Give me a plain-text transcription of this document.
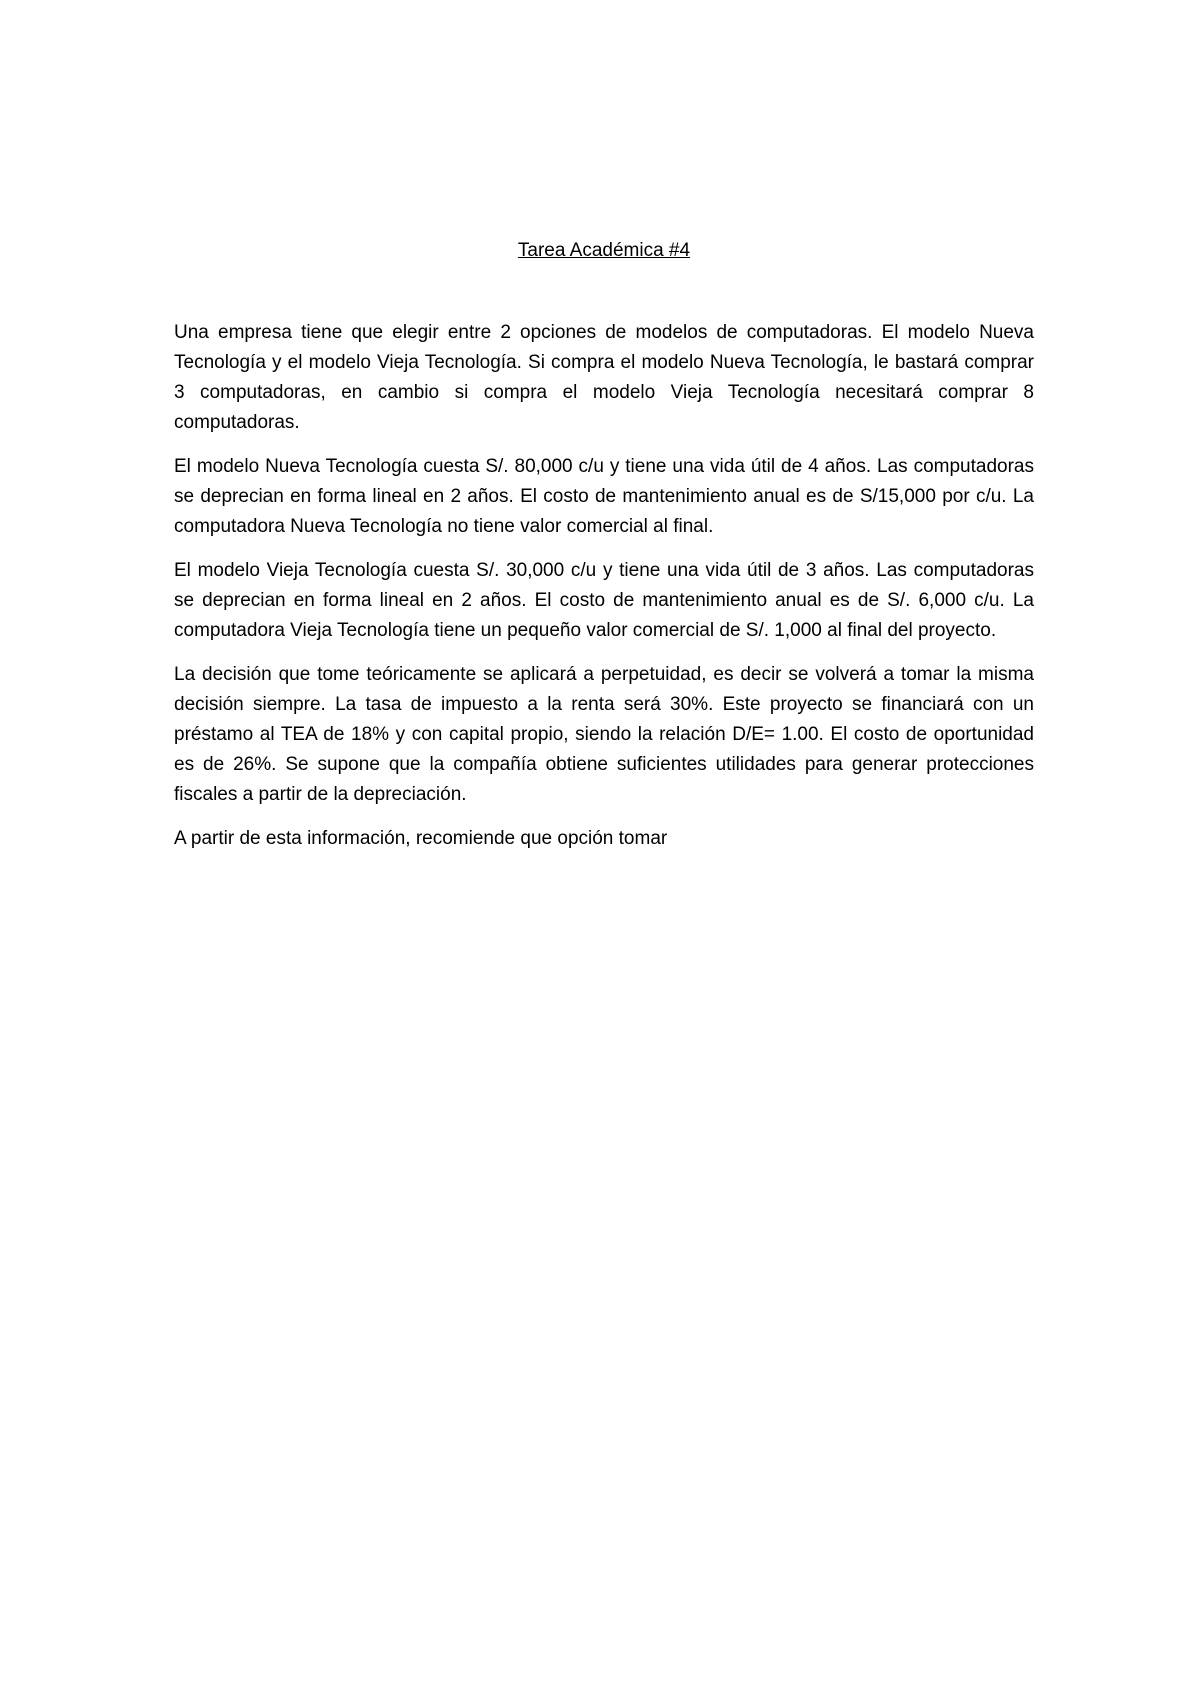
Tarea Académica #4

Una empresa tiene que elegir entre 2 opciones de modelos de computadoras. El modelo Nueva Tecnología y el modelo Vieja Tecnología. Si compra el modelo Nueva Tecnología, le bastará comprar 3 computadoras, en cambio si compra el modelo Vieja Tecnología necesitará comprar 8 computadoras.

El modelo Nueva Tecnología cuesta S/. 80,000 c/u y tiene una vida útil de 4 años. Las computadoras se deprecian en forma lineal en 2 años. El costo de mantenimiento anual es de S/15,000 por c/u. La computadora Nueva Tecnología no tiene valor comercial al final.

El modelo Vieja Tecnología cuesta S/. 30,000 c/u y tiene una vida útil de 3 años. Las computadoras se deprecian en forma lineal en 2 años. El costo de mantenimiento anual es de S/. 6,000 c/u. La computadora Vieja Tecnología tiene un pequeño valor comercial de S/. 1,000 al final del proyecto.

La decisión que tome teóricamente se aplicará a perpetuidad, es decir se volverá a tomar la misma decisión siempre. La tasa de impuesto a la renta será 30%. Este proyecto se financiará con un préstamo al TEA de 18% y con capital propio, siendo la relación D/E= 1.00. El costo de oportunidad es de 26%. Se supone que la compañía obtiene suficientes utilidades para generar protecciones fiscales a partir de la depreciación.

A partir de esta información, recomiende que opción tomar
